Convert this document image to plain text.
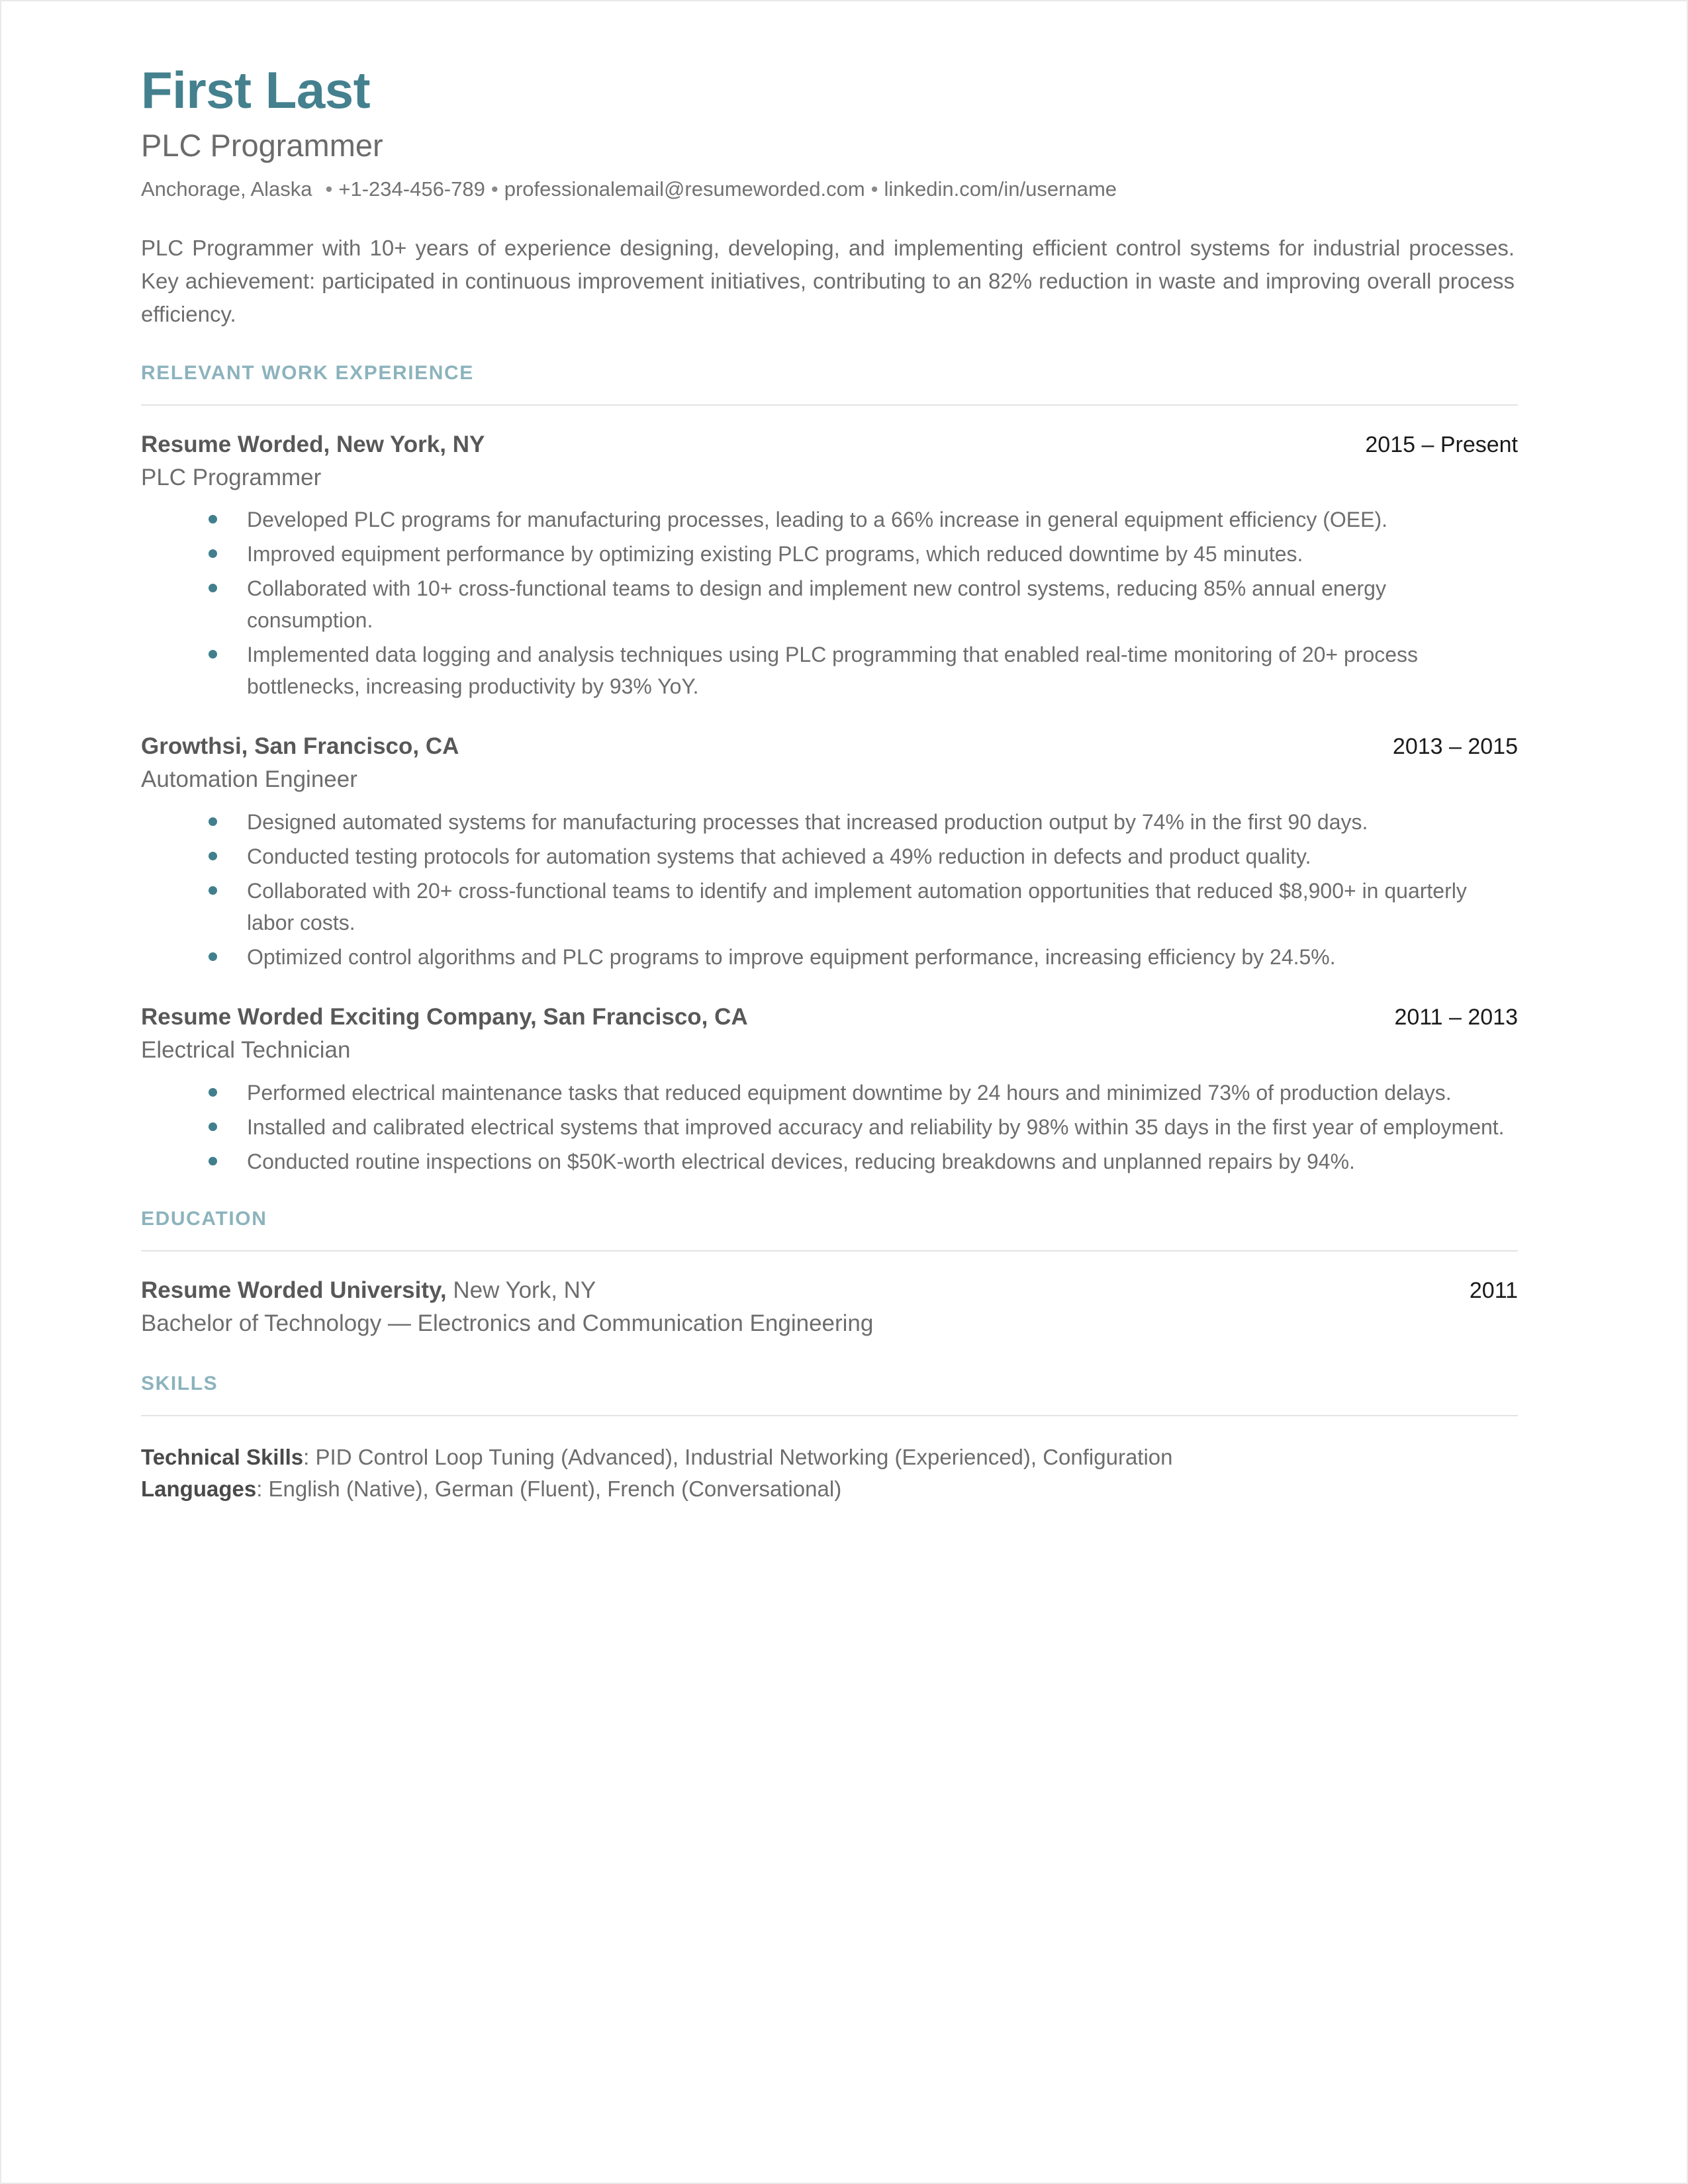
First Last
PLC Programmer
Anchorage, Alaska • +1-234-456-789 • professionalemail@resumeworded.com • linkedin.com/in/username
PLC Programmer with 10+ years of experience designing, developing, and implementing efficient control systems for industrial processes. Key achievement: participated in continuous improvement initiatives, contributing to an 82% reduction in waste and improving overall process efficiency.
RELEVANT WORK EXPERIENCE
Resume Worded, New York, NY	2015 – Present
PLC Programmer
Developed PLC programs for manufacturing processes, leading to a 66% increase in general equipment efficiency (OEE).
Improved equipment performance by optimizing existing PLC programs, which reduced downtime by 45 minutes.
Collaborated with 10+ cross-functional teams to design and implement new control systems, reducing 85% annual energy consumption.
Implemented data logging and analysis techniques using PLC programming that enabled real-time monitoring of 20+ process bottlenecks, increasing productivity by 93% YoY.
Growthsi, San Francisco, CA	2013 – 2015
Automation Engineer
Designed automated systems for manufacturing processes that increased production output by 74% in the first 90 days.
Conducted testing protocols for automation systems that achieved a 49% reduction in defects and product quality.
Collaborated with 20+ cross-functional teams to identify and implement automation opportunities that reduced $8,900+ in quarterly labor costs.
Optimized control algorithms and PLC programs to improve equipment performance, increasing efficiency by 24.5%.
Resume Worded Exciting Company, San Francisco, CA	2011 – 2013
Electrical Technician
Performed electrical maintenance tasks that reduced equipment downtime by 24 hours and minimized 73% of production delays.
Installed and calibrated electrical systems that improved accuracy and reliability by 98% within 35 days in the first year of employment.
Conducted routine inspections on $50K-worth electrical devices, reducing breakdowns and unplanned repairs by 94%.
EDUCATION
Resume Worded University, New York, NY	2011
Bachelor of Technology — Electronics and Communication Engineering
SKILLS
Technical Skills: PID Control Loop Tuning (Advanced), Industrial Networking (Experienced), Configuration
Languages: English (Native), German (Fluent), French (Conversational)
